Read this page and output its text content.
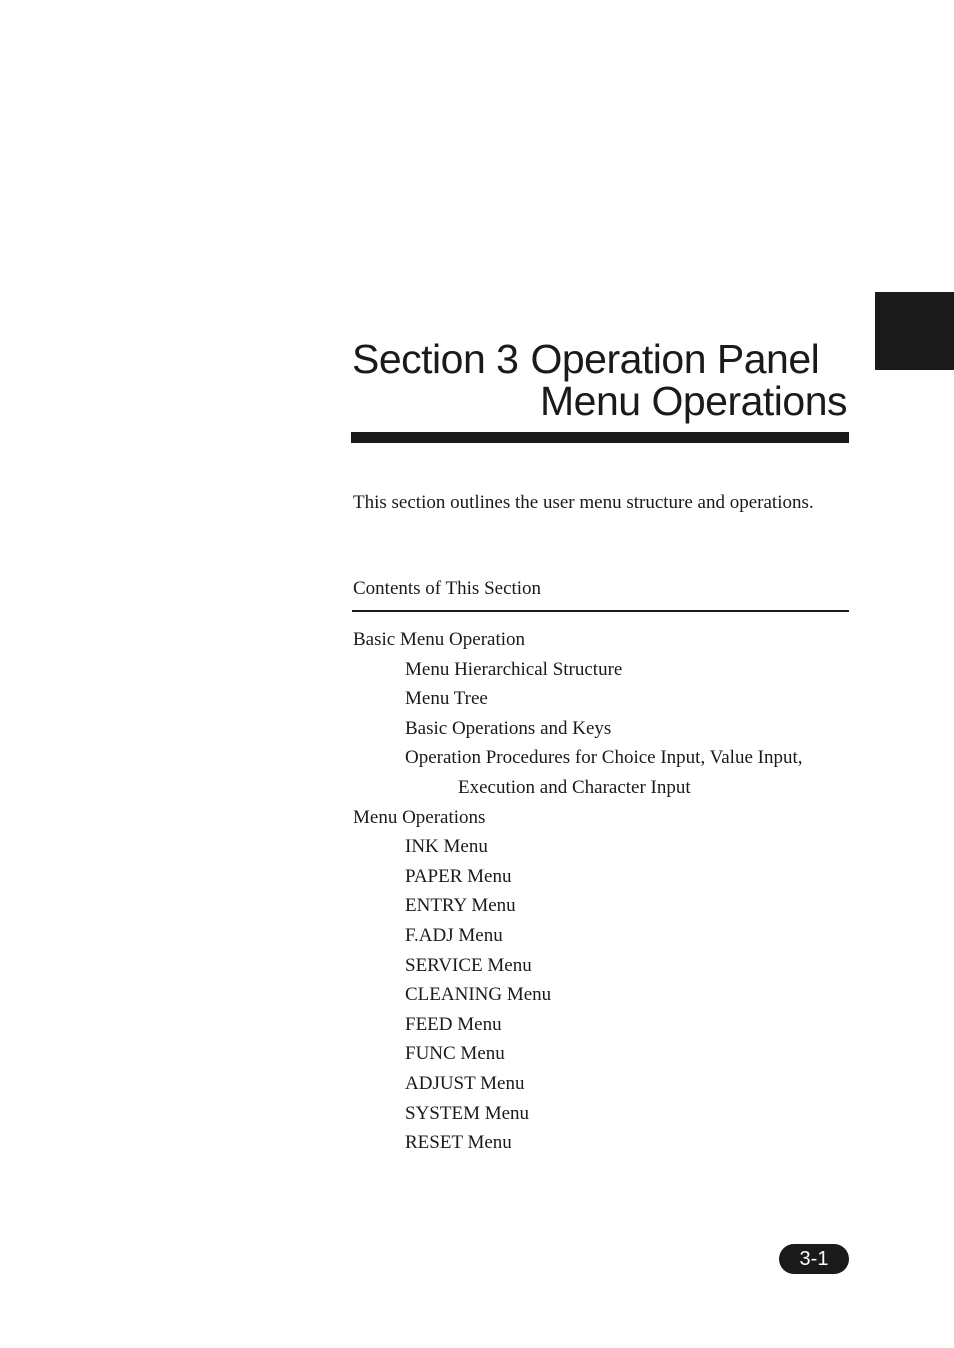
Section 3 Operation Panel
Menu Operations

This section outlines the user menu structure and operations.

Contents of This Section
Basic Menu Operation
Menu Hierarchical Structure
Menu Tree
Basic Operations and Keys
Operation Procedures for Choice Input, Value Input,
Execution and Character Input
Menu Operations
INK Menu
PAPER Menu
ENTRY Menu
F.ADJ Menu
SERVICE Menu
CLEANING Menu
FEED Menu
FUNC Menu
ADJUST Menu
SYSTEM Menu
RESET Menu
3-1
